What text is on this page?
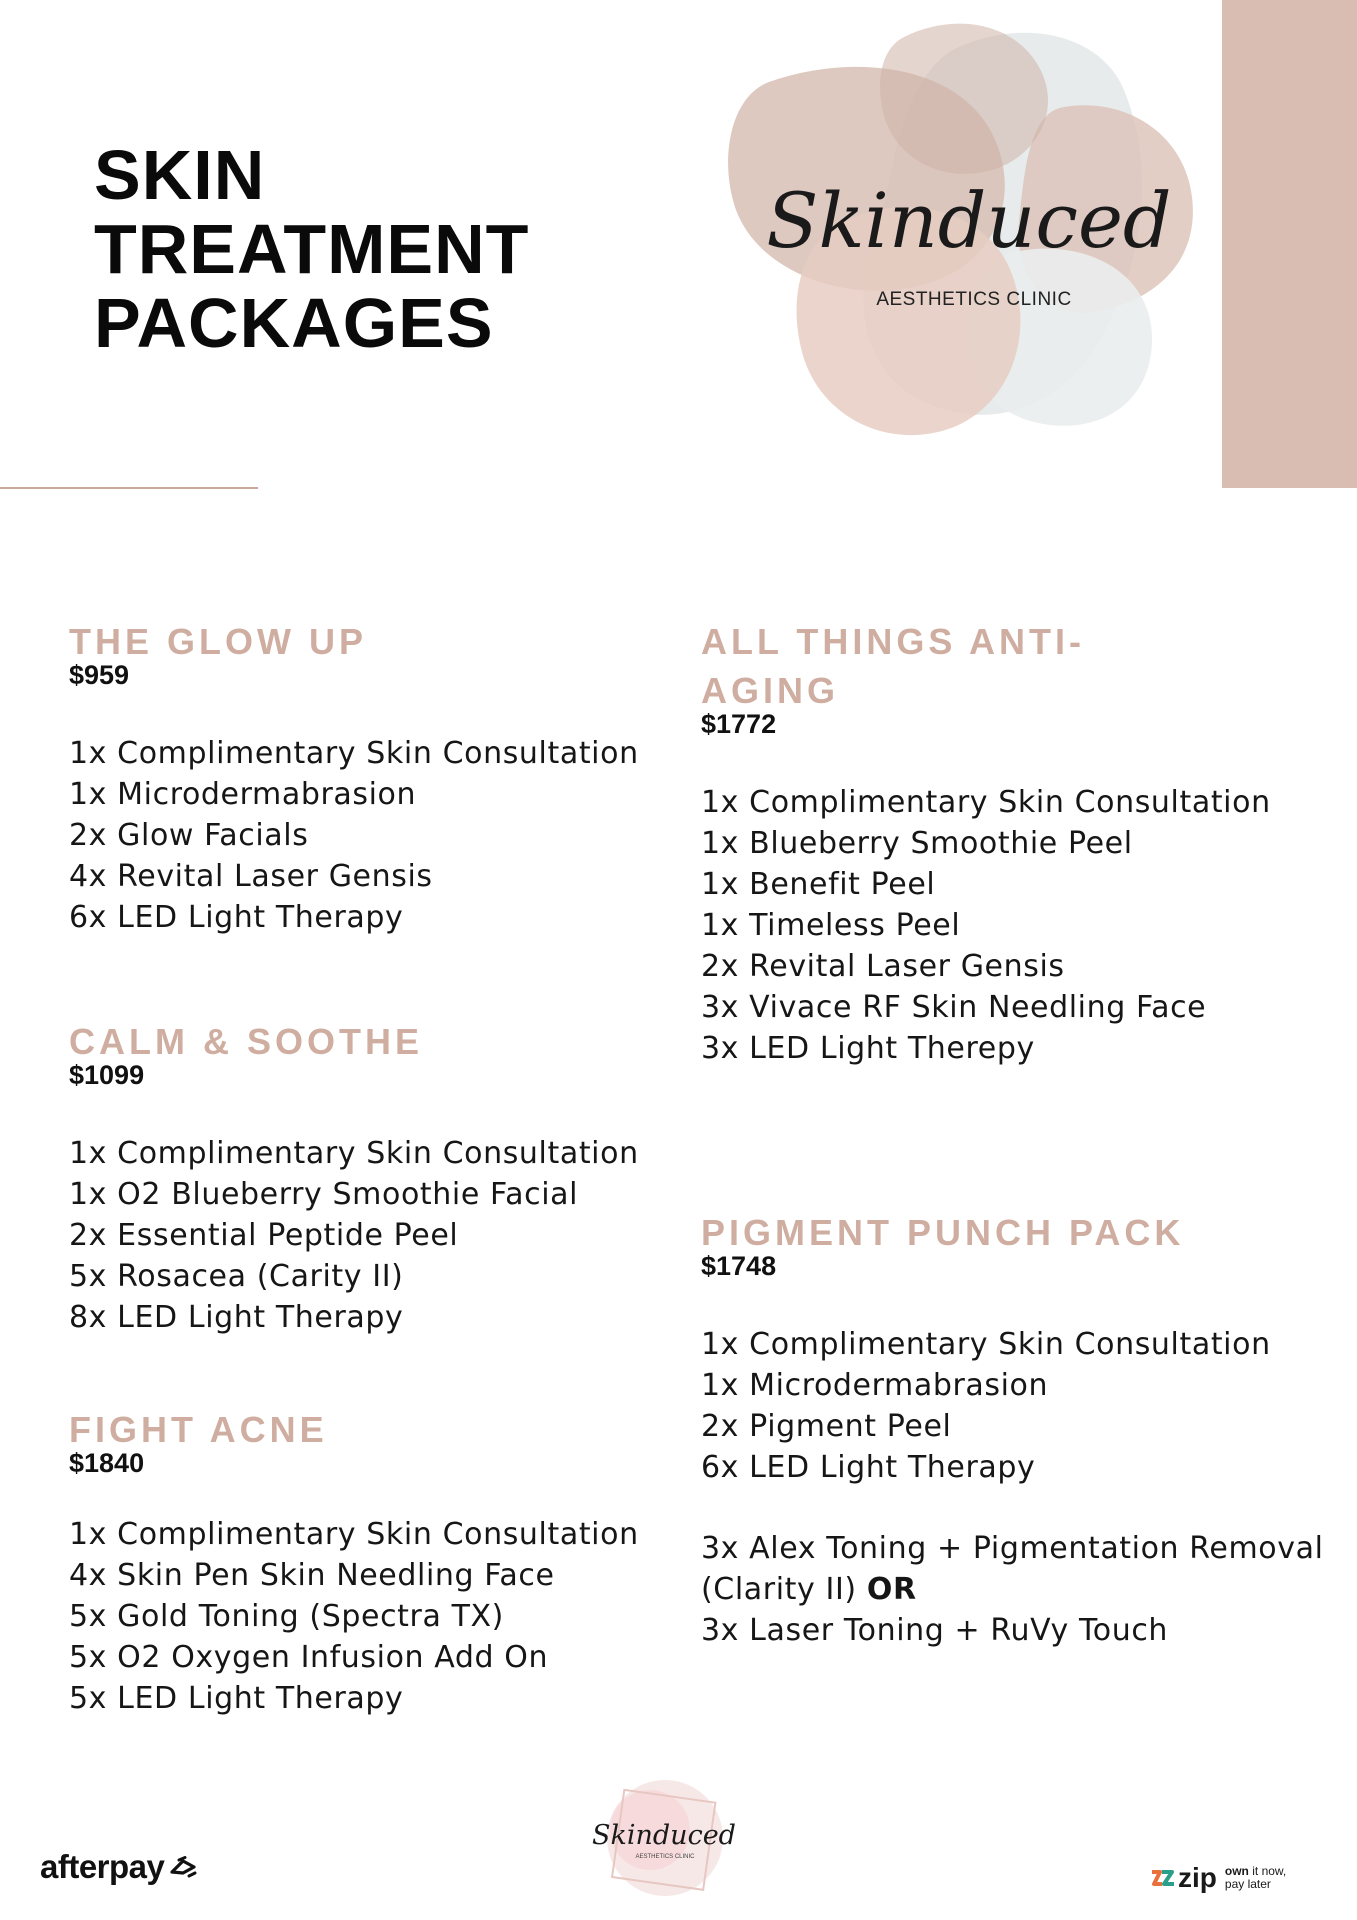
SKIN
TREATMENT
PACKAGES
Skinduced
AESTHETICS CLINIC
THE GLOW UP
$959
1x Complimentary Skin Consultation
1x Microdermabrasion
2x Glow Facials
4x Revital Laser Gensis
6x LED Light Therapy
CALM & SOOTHE
$1099
1x Complimentary Skin Consultation
1x O2 Blueberry Smoothie Facial
2x Essential Peptide Peel
5x Rosacea (Carity II)
8x LED Light Therapy
FIGHT ACNE
$1840
1x Complimentary Skin Consultation
4x Skin Pen Skin Needling Face
5x Gold Toning (Spectra TX)
5x O2 Oxygen Infusion Add On
5x LED Light Therapy
ALL THINGS ANTI-
AGING
$1772
1x Complimentary Skin Consultation
1x Blueberry Smoothie Peel
1x Benefit Peel
1x Timeless Peel
2x Revital Laser Gensis
3x Vivace RF Skin Needling Face
3x LED Light Therepy
PIGMENT PUNCH PACK
$1748
1x Complimentary Skin Consultation
1x Microdermabrasion
2x Pigment Peel
6x LED Light Therapy

3x Alex Toning + Pigmentation Removal

(Clarity II) OR

3x Laser Toning + RuVy Touch

afterpay
Skinduced
AESTHETICS CLINIC
zip own it now,
pay later
